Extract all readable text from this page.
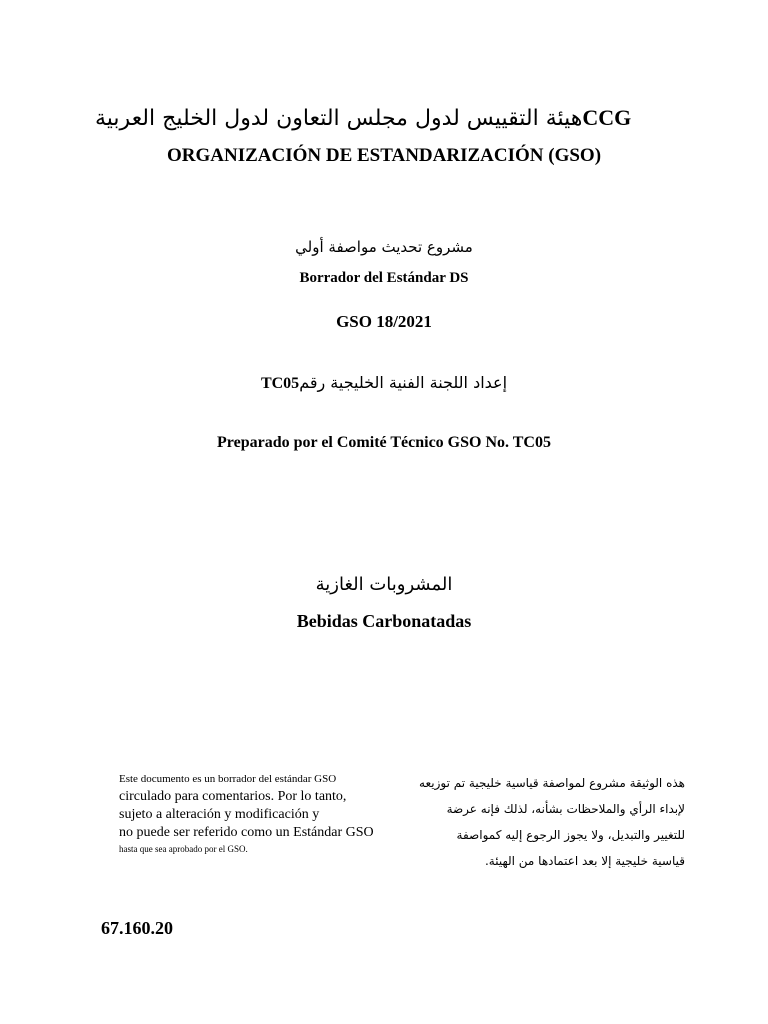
هيئة التقييس لدول مجلس التعاون لدول الخليج العربيةCCG
ORGANIZACIÓN DE ESTANDARIZACIÓN (GSO)
مشروع تحديث مواصفة أولي
Borrador del Estándar DS
GSO 18/2021
TC05إعداد اللجنة الفنية الخليجية رقم
Preparado por el Comité Técnico GSO No. TC05
المشروبات الغازية
Bebidas Carbonatadas
Este documento es un borrador del estándar GSO
circulado para comentarios. Por lo tanto,
sujeto a alteración y modificación y
no puede ser referido como un Estándar GSO
hasta que sea aprobado por el GSO.
هذه الوثيقة مشروع لمواصفة قياسية خليجية تم توزيعه
لإبداء الرأي والملاحظات بشأنه، لذلك فإنه عرضة
للتغيير والتبديل، ولا يجوز الرجوع إليه كمواصفة
قياسية خليجية إلا بعد اعتمادها من الهيئة.
67.160.20
